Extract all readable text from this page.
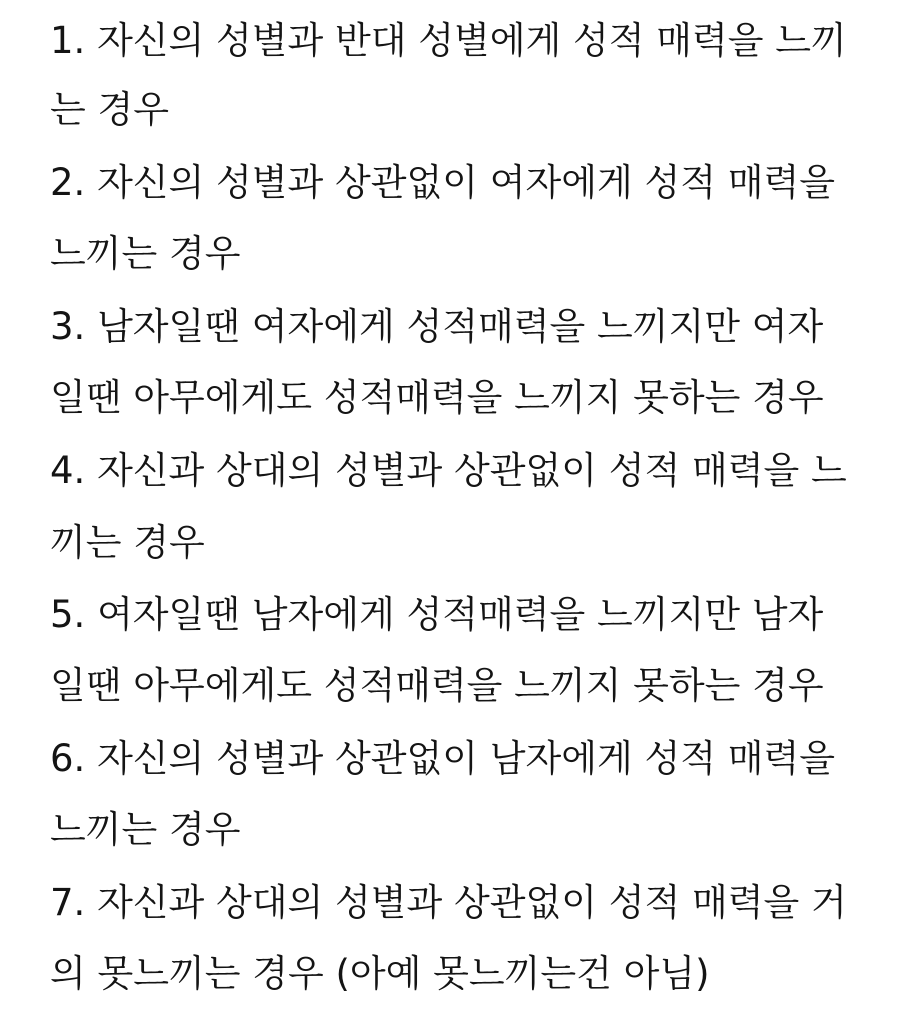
1. 자신의 성별과 반대 성별에게 성적 매력을 느끼
는 경우
2. 자신의 성별과 상관없이 여자에게 성적 매력을
느끼는 경우
3. 남자일땐 여자에게 성적매력을 느끼지만 여자
일땐 아무에게도 성적매력을 느끼지 못하는 경우
4. 자신과 상대의 성별과 상관없이 성적 매력을 느
끼는 경우
5. 여자일땐 남자에게 성적매력을 느끼지만 남자
일땐 아무에게도 성적매력을 느끼지 못하는 경우
6. 자신의 성별과 상관없이 남자에게 성적 매력을
느끼는 경우
7. 자신과 상대의 성별과 상관없이 성적 매력을 거
의 못느끼는 경우 (아예 못느끼는건 아님)
